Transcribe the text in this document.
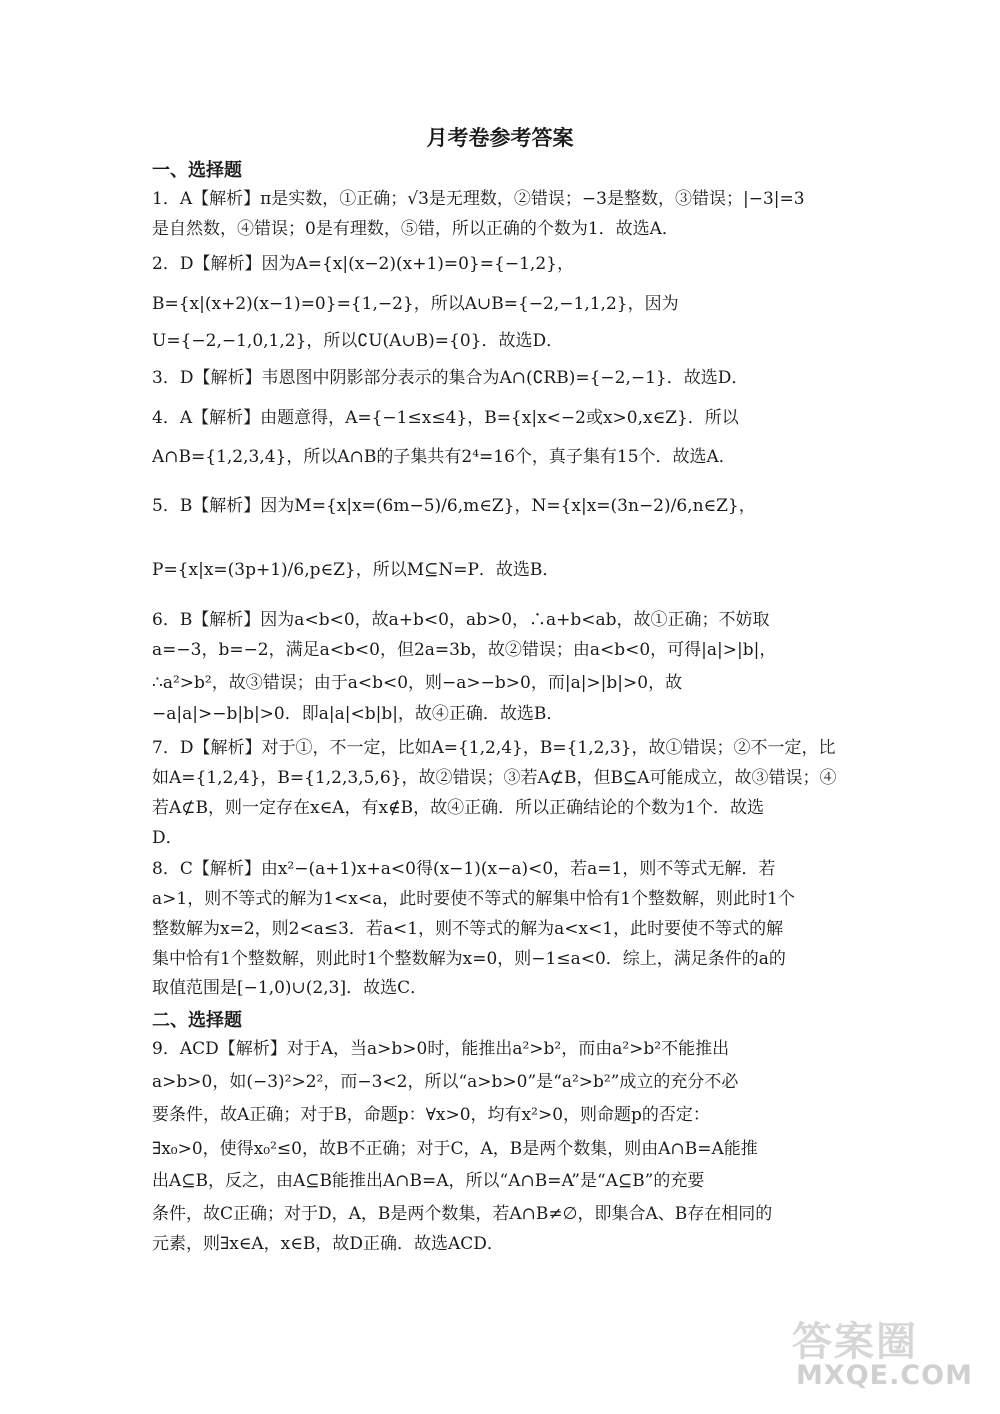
月考卷参考答案
一、选择题
1．A【解析】π是实数，①正确；√3是无理数，②错误；−3是整数，③错误；|−3|=3
是自然数，④错误；0是有理数，⑤错，所以正确的个数为1．故选A．
2．D【解析】因为A={x|(x−2)(x+1)=0}={−1,2}，
B={x|(x+2)(x−1)=0}={1,−2}，所以A∪B={−2,−1,1,2}，因为
U={−2,−1,0,1,2}，所以∁U(A∪B)={0}．故选D．
3．D【解析】韦恩图中阴影部分表示的集合为A∩(∁RB)={−2,−1}．故选D．
4．A【解析】由题意得，A={−1≤x≤4}，B={x|x<−2或x>0,x∈Z}．所以
A∩B={1,2,3,4}，所以A∩B的子集共有2⁴=16个，真子集有15个．故选A．
5．B【解析】因为M={x|x=(6m−5)/6,m∈Z}，N={x|x=(3n−2)/6,n∈Z}，
P={x|x=(3p+1)/6,p∈Z}，所以M⊆N=P．故选B．
6．B【解析】因为a<b<0，故a+b<0，ab>0，∴a+b<ab，故①正确；不妨取
a=−3，b=−2，满足a<b<0，但2a=3b，故②错误；由a<b<0，可得|a|>|b|，
∴a²>b²，故③错误；由于a<b<0，则−a>−b>0，而|a|>|b|>0，故
−a|a|>−b|b|>0．即a|a|<b|b|，故④正确．故选B．
7．D【解析】对于①，不一定，比如A={1,2,4}，B={1,2,3}，故①错误；②不一定，比
如A={1,2,4}，B={1,2,3,5,6}，故②错误；③若A⊄B，但B⊆A可能成立，故③错误；④
若A⊄B，则一定存在x∈A，有x∉B，故④正确．所以正确结论的个数为1个．故选
D．
8．C【解析】由x²−(a+1)x+a<0得(x−1)(x−a)<0，若a=1，则不等式无解．若
a>1，则不等式的解为1<x<a，此时要使不等式的解集中恰有1个整数解，则此时1个
整数解为x=2，则2<a≤3．若a<1，则不等式的解为a<x<1，此时要使不等式的解
集中恰有1个整数解，则此时1个整数解为x=0，则−1≤a<0．综上，满足条件的a的
取值范围是[−1,0)∪(2,3]．故选C．
二、选择题
9．ACD【解析】对于A，当a>b>0时，能推出a²>b²，而由a²>b²不能推出
a>b>0，如(−3)²>2²，而−3<2，所以“a>b>0”是“a²>b²”成立的充分不必
要条件，故A正确；对于B，命题p：∀x>0，均有x²>0，则命题p的否定：
∃x₀>0，使得x₀²≤0，故B不正确；对于C，A，B是两个数集，则由A∩B=A能推
出A⊆B，反之，由A⊆B能推出A∩B=A，所以“A∩B=A”是“A⊆B”的充要
条件，故C正确；对于D，A，B是两个数集，若A∩B≠∅，即集合A、B存在相同的
元素，则∃x∈A，x∈B，故D正确．故选ACD．
答案圈
MXQE.COM
